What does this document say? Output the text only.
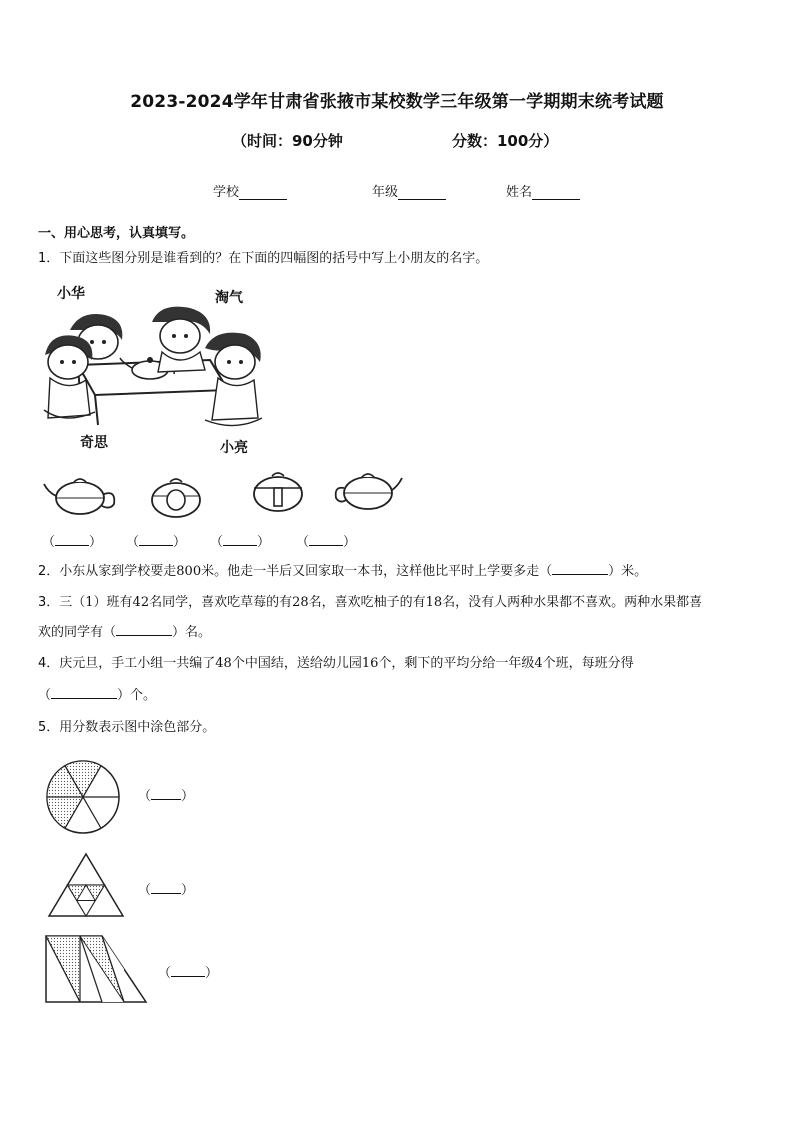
2023-2024学年甘肃省张掖市某校数学三年级第一学期期末统考试题
（时间：90分钟	分数：100分）
学校	年级	姓名
一、用心思考，认真填写。
1．下面这些图分别是谁看到的？在下面的四幅图的括号中写上小朋友的名字。
小华	淘气
奇思	小亮
（	） （	） （	） （	）
2．小东从家到学校要走800米。他走一半后又回家取一本书，这样他比平时上学要多走（	）米。
3．三（1）班有42名同学，喜欢吃草莓的有28名，喜欢吃柚子的有18名，没有人两种水果都不喜欢。两种水果都喜
欢的同学有（	）名。
4．庆元旦，手工小组一共编了48个中国结，送给幼儿园16个，剩下的平均分给一年级4个班，每班分得
（	）个。
5．用分数表示图中涂色部分。
（ ）
（ ）
（	）
